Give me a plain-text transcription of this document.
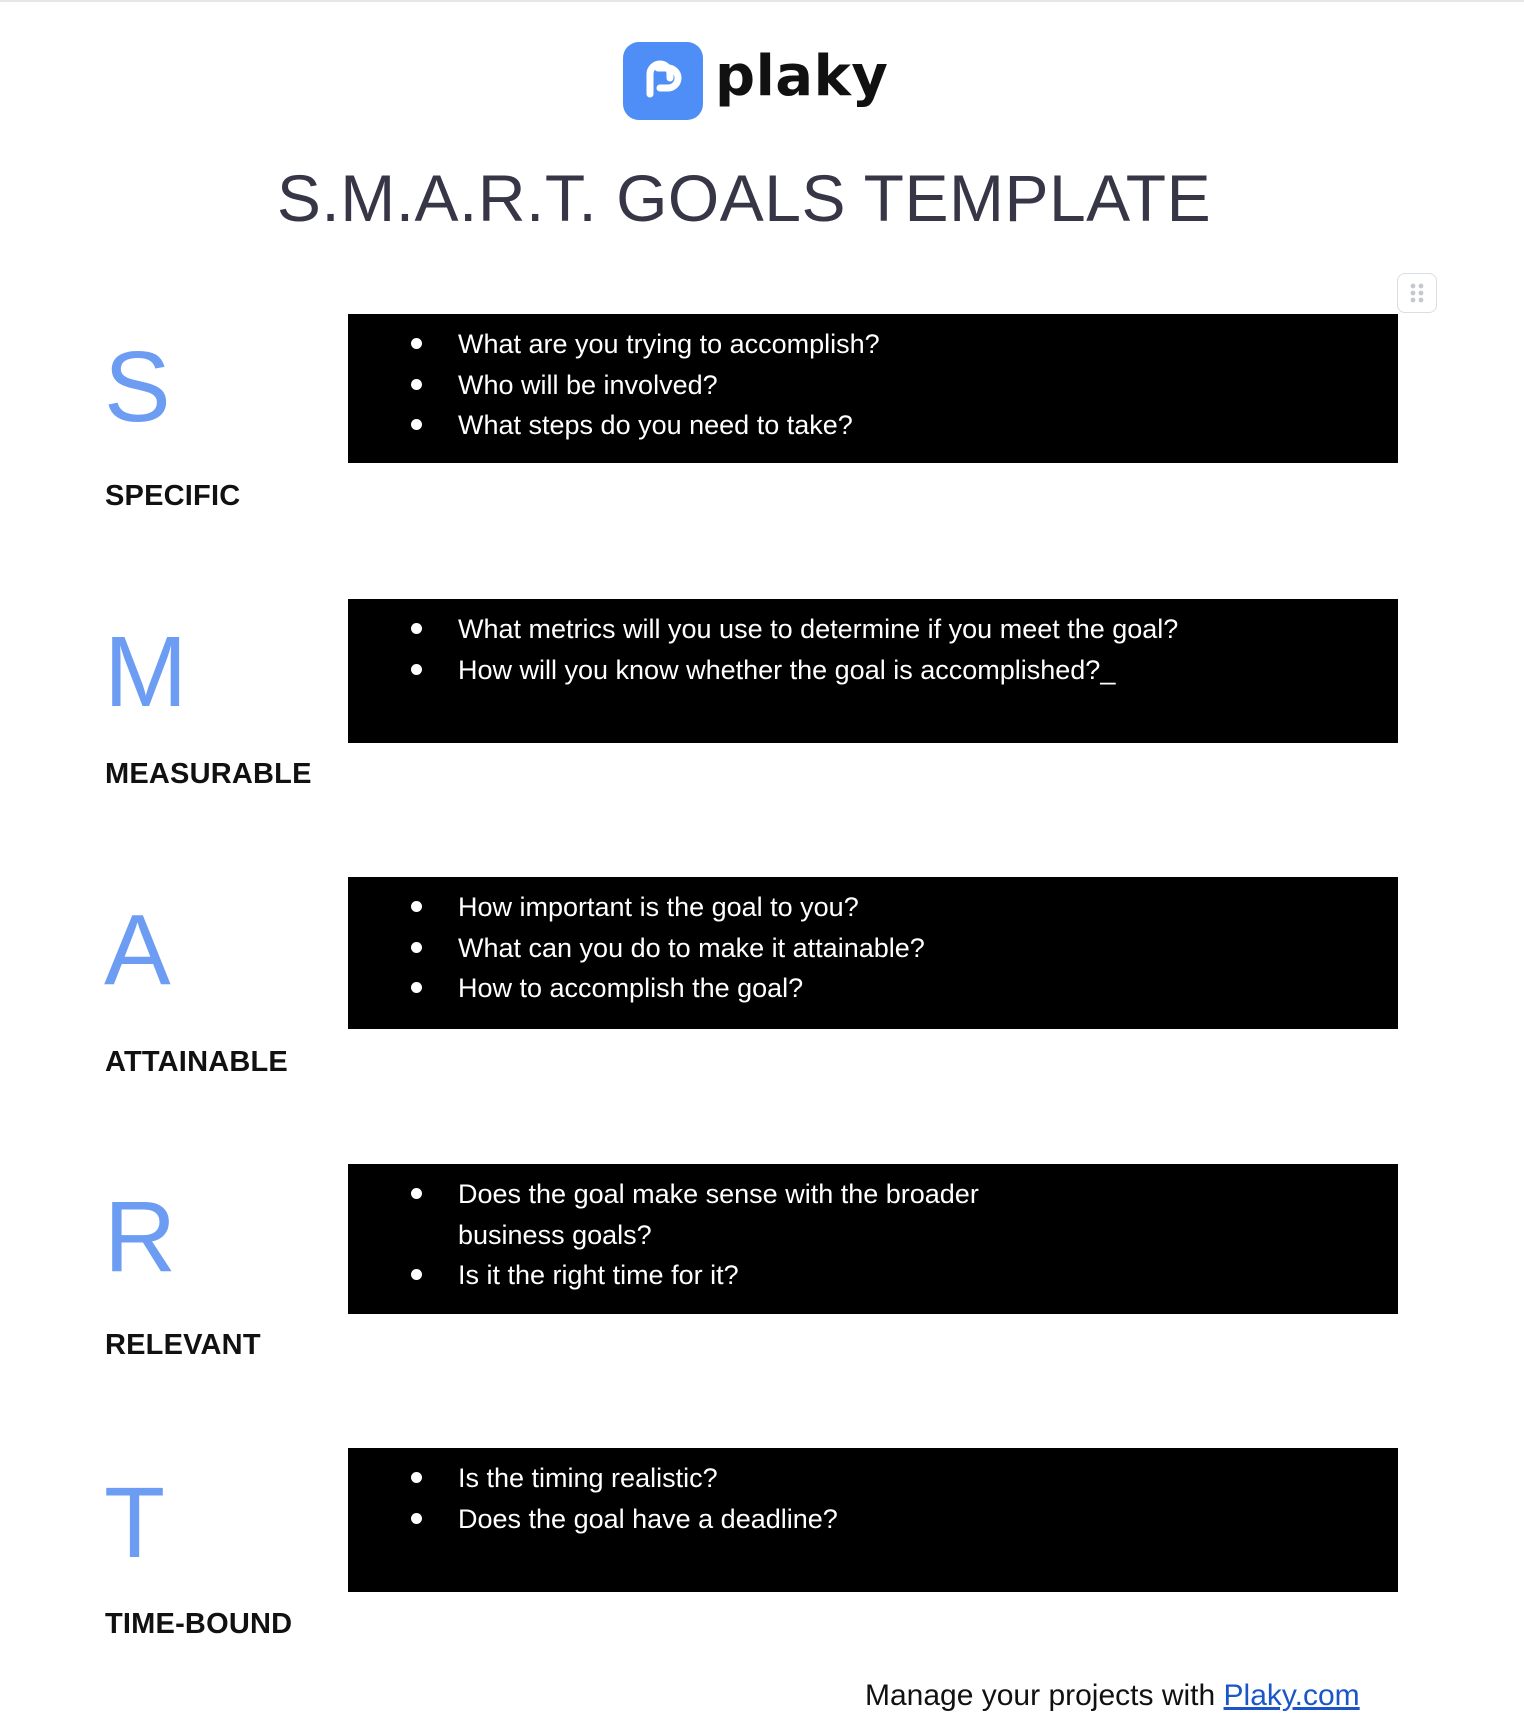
plaky
S.M.A.R.T. GOALS TEMPLATE
S
SPECIFIC
What are you trying to accomplish?
Who will be involved?
What steps do you need to take?
M
MEASURABLE
What metrics will you use to determine if you meet the goal?
How will you know whether the goal is accomplished?_
A
ATTAINABLE
How important is the goal to you?
What can you do to make it attainable?
How to accomplish the goal?
R
RELEVANT
Does the goal make sense with the broader business goals?
Is it the right time for it?
T
TIME-BOUND
Is the timing realistic?
Does the goal have a deadline?
Manage your projects with Plaky.com
